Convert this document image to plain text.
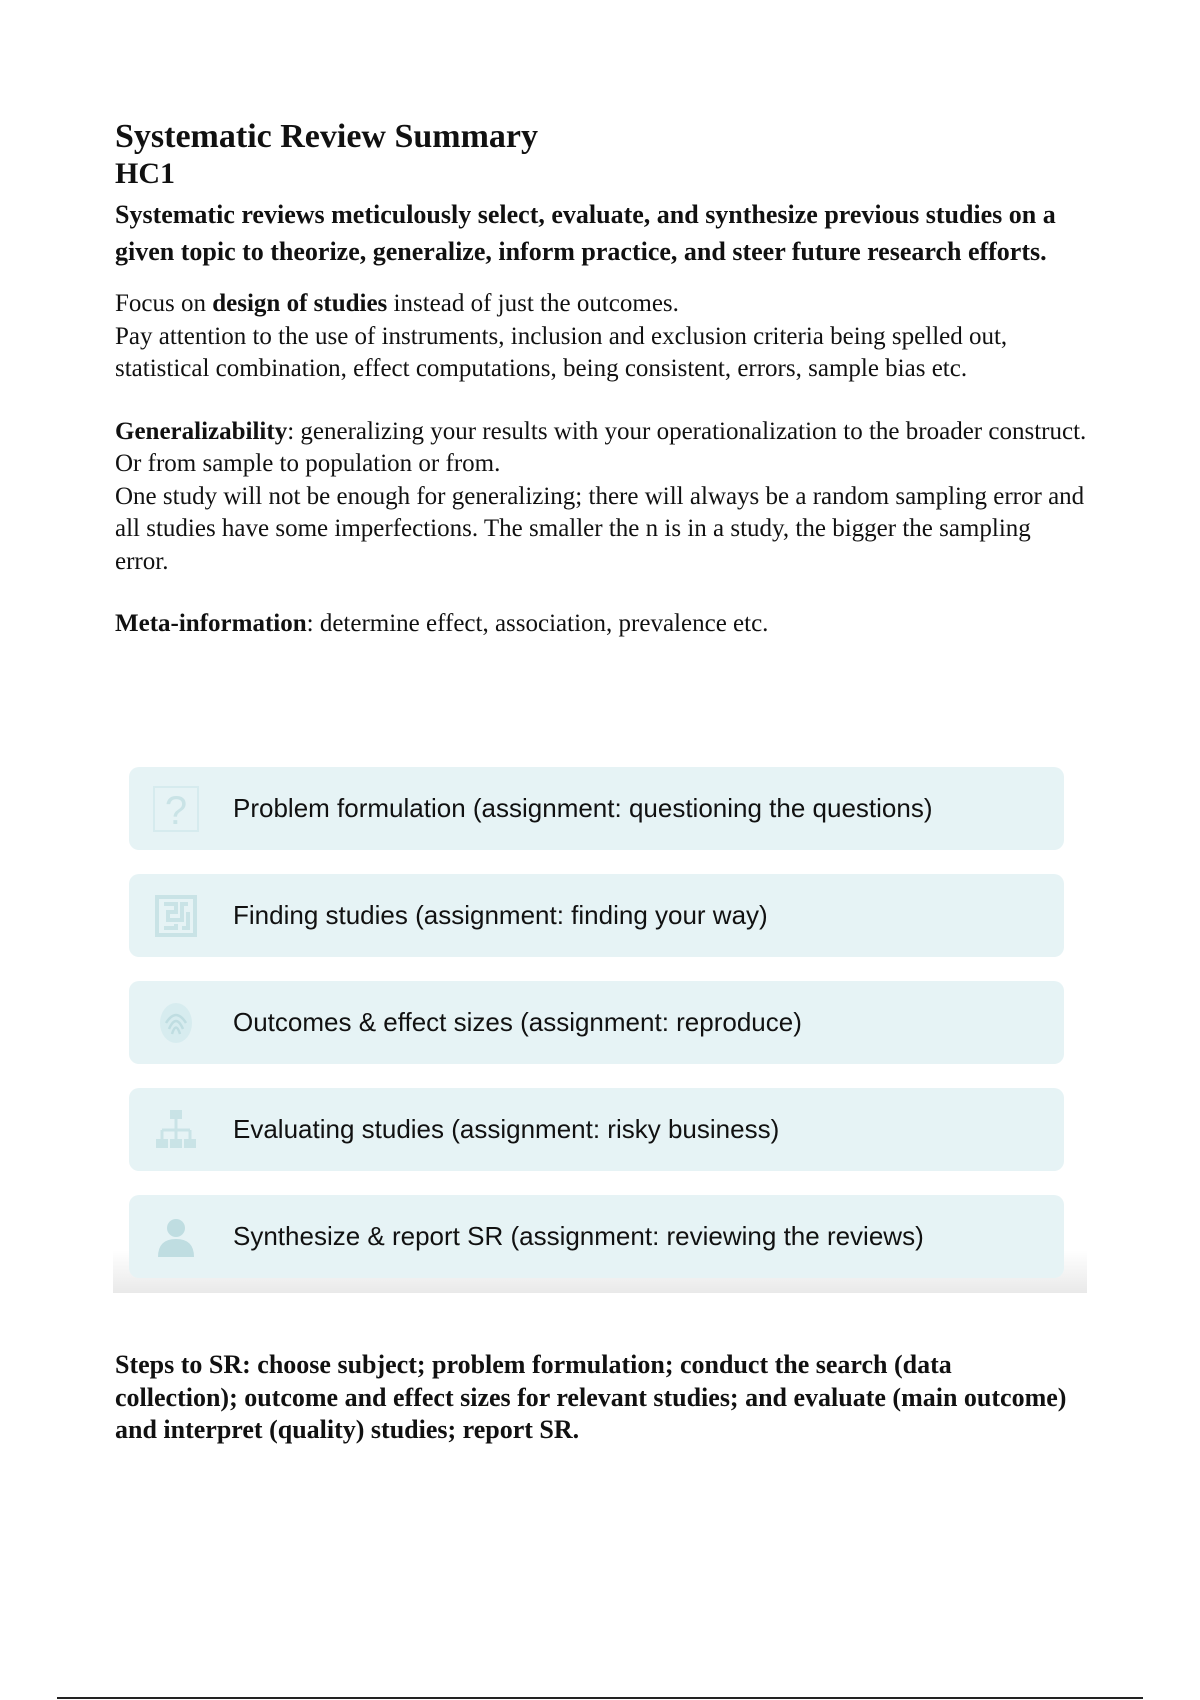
Systematic Review Summary
HC1

Systematic reviews meticulously select, evaluate, and synthesize previous studies on a given topic to theorize, generalize, inform practice, and steer future research efforts.

Focus on design of studies instead of just the outcomes.
Pay attention to the use of instruments, inclusion and exclusion criteria being spelled out, statistical combination, effect computations, being consistent, errors, sample bias etc.

Generalizability: generalizing your results with your operationalization to the broader construct. Or from sample to population or from.
One study will not be enough for generalizing; there will always be a random sampling error and all studies have some imperfections. The smaller the n is in a study, the bigger the sampling error.

Meta-information: determine effect, association, prevalence etc.

?	Problem formulation (assignment: questioning the questions)
Finding studies (assignment: finding your way)
Outcomes & effect sizes (assignment: reproduce)
Evaluating studies (assignment: risky business)
Synthesize & report SR (assignment: reviewing the reviews)

Steps to SR: choose subject; problem formulation; conduct the search (data collection); outcome and effect sizes for relevant studies; and evaluate (main outcome) and interpret (quality) studies; report SR.
